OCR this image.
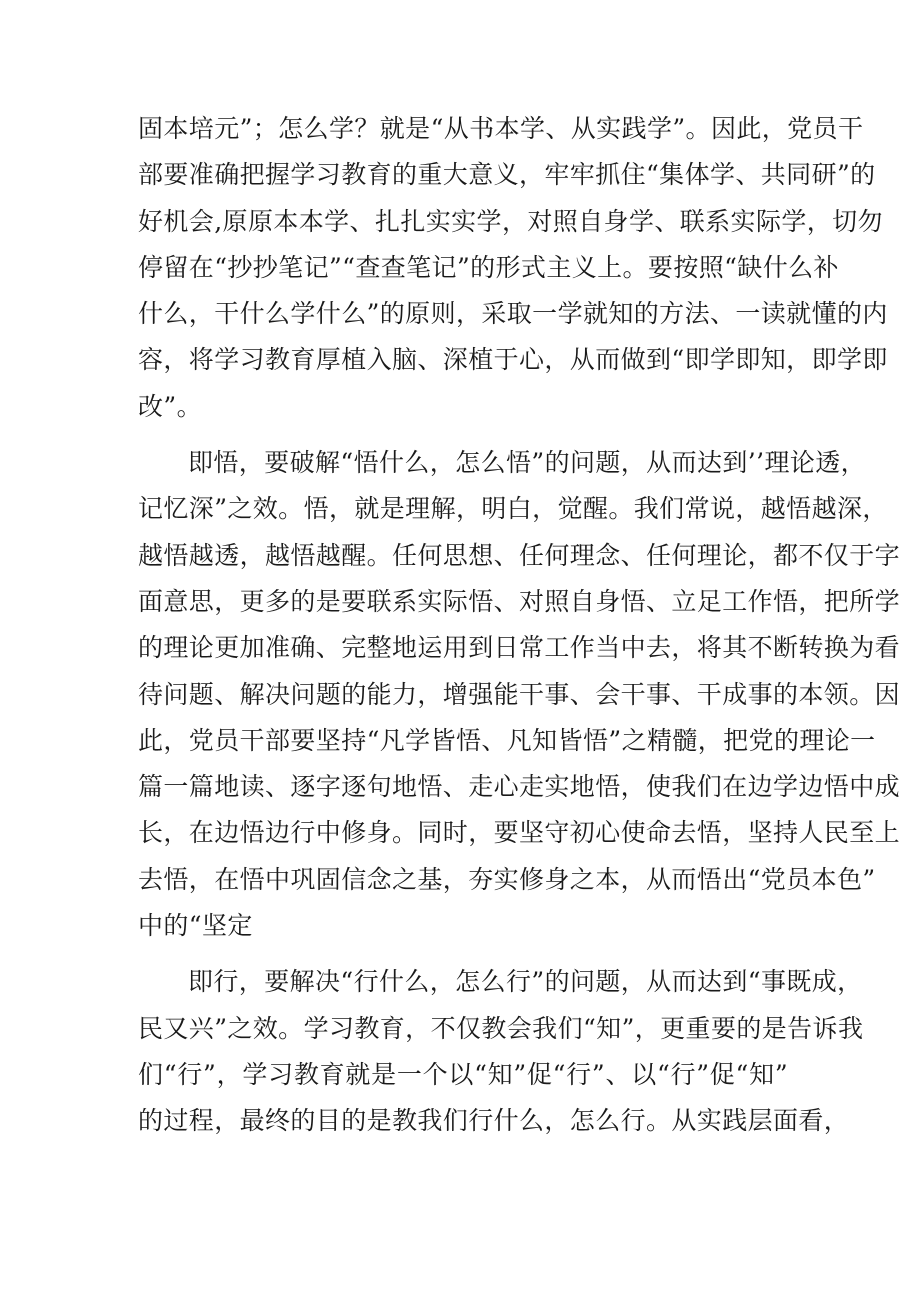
固本培元”；怎么学？就是“从书本学、从实践学”。因此，党员干
部要准确把握学习教育的重大意义，牢牢抓住“集体学、共同研”的
好机会,原原本本学、扎扎实实学，对照自身学、联系实际学，切勿
停留在“抄抄笔记”“查查笔记”的形式主义上。要按照“缺什么补
什么，干什么学什么”的原则，采取一学就知的方法、一读就懂的内
容，将学习教育厚植入脑、深植于心，从而做到“即学即知，即学即
改”。
即悟，要破解“悟什么，怎么悟”的问题，从而达到’’理论透，
记忆深”之效。悟，就是理解，明白，觉醒。我们常说，越悟越深，
越悟越透，越悟越醒。任何思想、任何理念、任何理论，都不仅于字
面意思，更多的是要联系实际悟、对照自身悟、立足工作悟，把所学
的理论更加准确、完整地运用到日常工作当中去，将其不断转换为看
待问题、解决问题的能力，增强能干事、会干事、干成事的本领。因
此，党员干部要坚持“凡学皆悟、凡知皆悟”之精髓，把党的理论一
篇一篇地读、逐字逐句地悟、走心走实地悟，使我们在边学边悟中成
长，在边悟边行中修身。同时，要坚守初心使命去悟，坚持人民至上
去悟，在悟中巩固信念之基，夯实修身之本，从而悟出“党员本色”
中的“坚定
即行，要解决“行什么，怎么行”的问题，从而达到“事既成，
民又兴”之效。学习教育，不仅教会我们“知”，更重要的是告诉我
们“行”，学习教育就是一个以“知”促“行”、以“行”促“知”
的过程，最终的目的是教我们行什么，怎么行。从实践层面看，
